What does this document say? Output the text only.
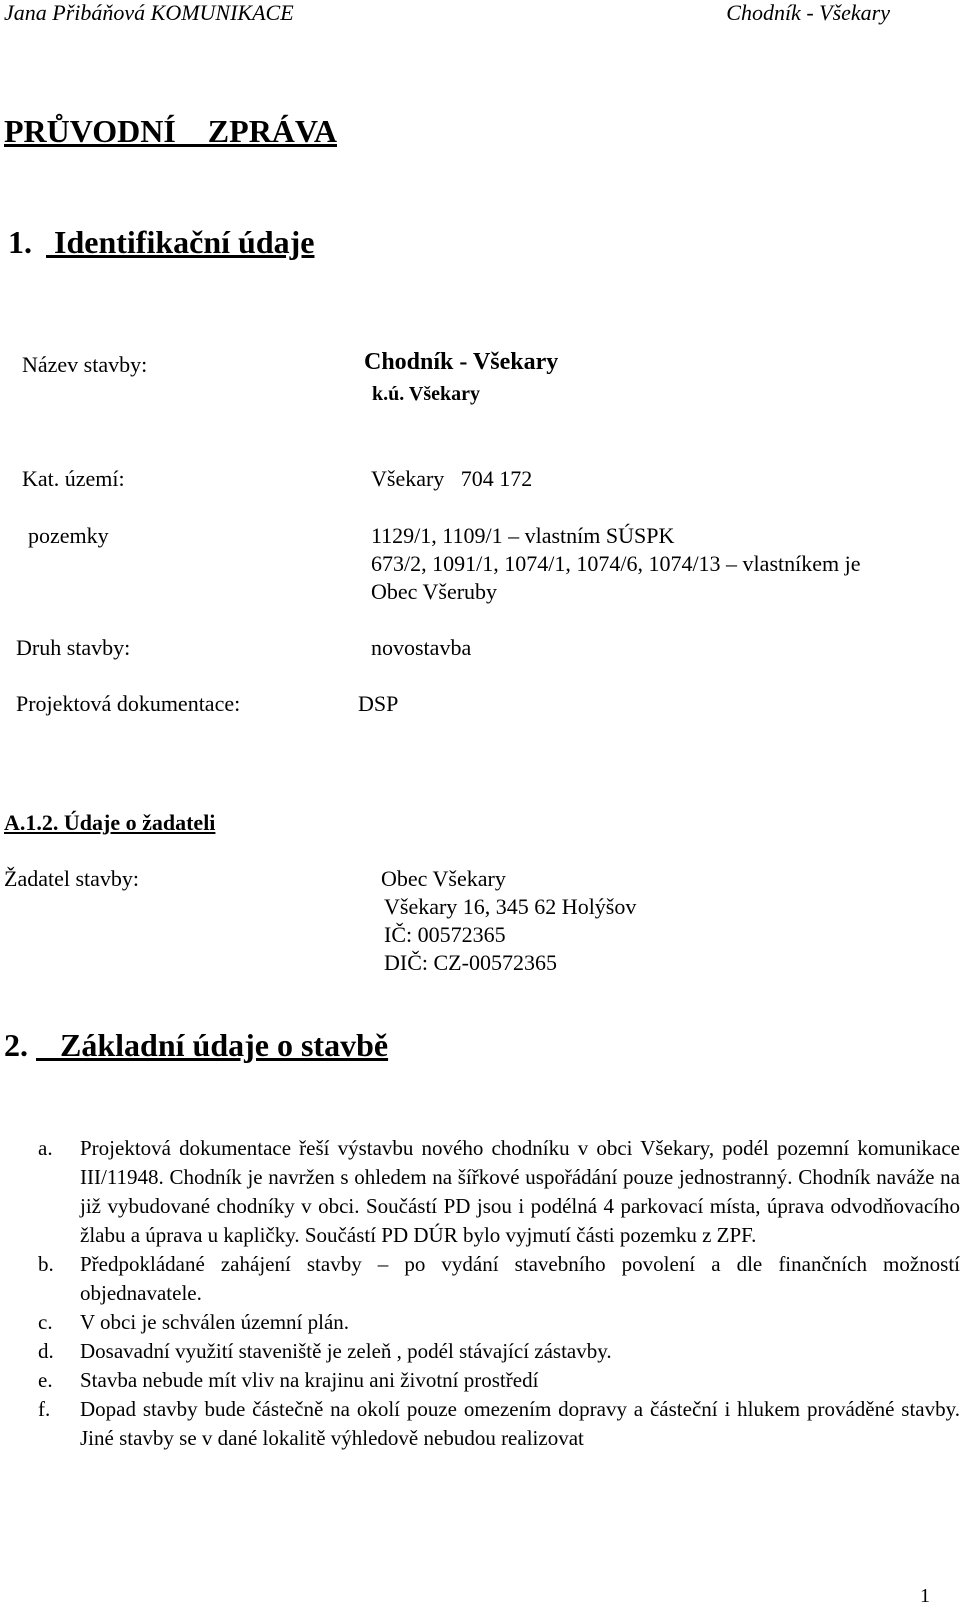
Jana Přibáňová KOMUNIKACE	Chodník - Všekary
PRŮVODNÍ    ZPRÁVA
1. Identifikační údaje
Název stavby:	Chodník - Všekary
k.ú. Všekary
Kat. území:	Všekary   704 172
pozemky	1129/1, 1109/1 – vlastním SÚSPK
673/2, 1091/1, 1074/1, 1074/6, 1074/13 – vlastníkem je
Obec Všeruby
Druh stavby:	novostavba
Projektová dokumentace:	DSP
A.1.2. Údaje o žadateli
Žadatel stavby:	Obec Všekary
Všekary 16, 345 62 Holýšov
IČ: 00572365
DIČ: CZ-00572365
2. Základní údaje o stavbě
a. Projektová dokumentace řeší výstavbu nového chodníku v obci Všekary, podél pozemní komunikace III/11948. Chodník je navržen s ohledem na šířkové uspořádání pouze jednostranný. Chodník naváže na již vybudované chodníky v obci. Součástí PD jsou i podélná 4 parkovací místa, úprava odvodňovacího žlabu a úprava u kapličky. Součástí PD DÚR bylo vyjmutí části pozemku z ZPF.
b. Předpokládané zahájení stavby – po vydání stavebního povolení a dle finančních možností objednavatele.
c. V obci je schválen územní plán.
d. Dosavadní využití staveniště je zeleň , podél stávající zástavby.
e. Stavba nebude mít vliv na krajinu ani životní prostředí
f. Dopad stavby bude částečně na okolí pouze omezením dopravy a částeční i hlukem prováděné stavby. Jiné stavby se v dané lokalitě výhledově nebudou realizovat
1
